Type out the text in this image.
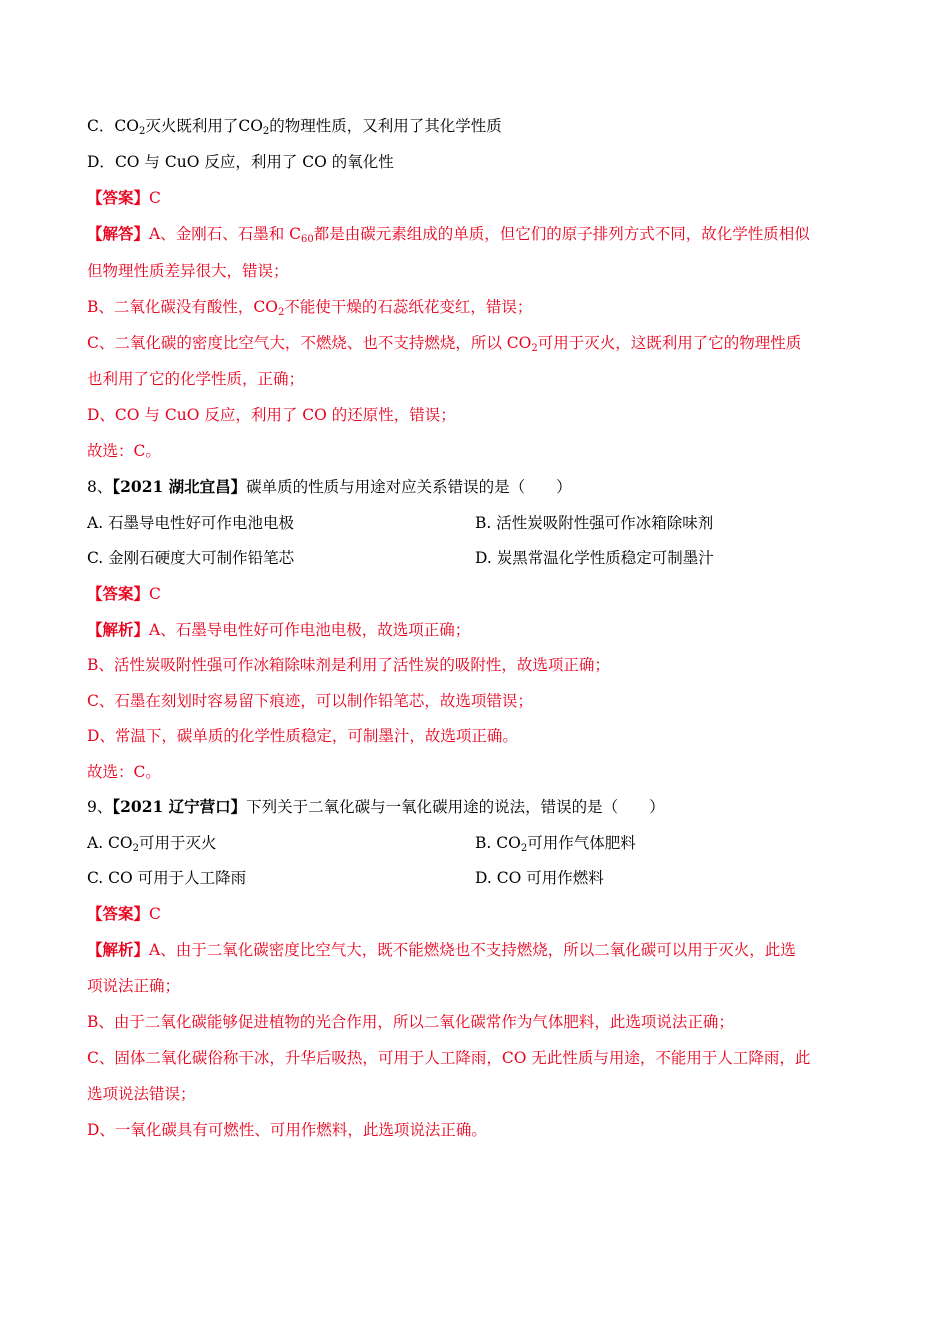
C．$CO_2$灭火既利用了$CO_2$的物理性质，又利用了其化学性质
D．CO 与 CuO 反应，利用了 CO 的氧化性
【答案】C
【解答】A、金刚石、石墨和 $C_{60}$都是由碳元素组成的单质，但它们的原子排列方式不同，故化学性质相似
但物理性质差异很大，错误；
B、二氧化碳没有酸性，$CO_2$不能使干燥的石蕊纸花变红，错误；
C、二氧化碳的密度比空气大，不燃烧、也不支持燃烧，所以 $CO_2$可用于灭火，这既利用了它的物理性质
也利用了它的化学性质，正确；
D、CO 与 CuO 反应，利用了 CO 的还原性，错误；
故选：C。
8、【2021 湖北宜昌】碳单质的性质与用途对应关系错误的是（　　）
A. 石墨导电性好可作电池电极	B. 活性炭吸附性强可作冰箱除味剂
C. 金刚石硬度大可制作铅笔芯	D. 炭黑常温化学性质稳定可制墨汁
【答案】C
【解析】A、石墨导电性好可作电池电极，故选项正确；
B、活性炭吸附性强可作冰箱除味剂是利用了活性炭的吸附性，故选项正确；
C、石墨在刻划时容易留下痕迹，可以制作铅笔芯，故选项错误；
D、常温下，碳单质的化学性质稳定，可制墨汁，故选项正确。
故选：C。
9、【2021 辽宁营口】下列关于二氧化碳与一氧化碳用途的说法，错误的是（　　）
A. $CO_2$可用于灭火	B. $CO_2$可用作气体肥料
C. CO 可用于人工降雨	D. CO 可用作燃料
【答案】C
【解析】A、由于二氧化碳密度比空气大，既不能燃烧也不支持燃烧，所以二氧化碳可以用于灭火，此选
项说法正确；
B、由于二氧化碳能够促进植物的光合作用，所以二氧化碳常作为气体肥料，此选项说法正确；
C、固体二氧化碳俗称干冰，升华后吸热，可用于人工降雨，CO 无此性质与用途，不能用于人工降雨，此
选项说法错误；
D、一氧化碳具有可燃性、可用作燃料，此选项说法正确。
